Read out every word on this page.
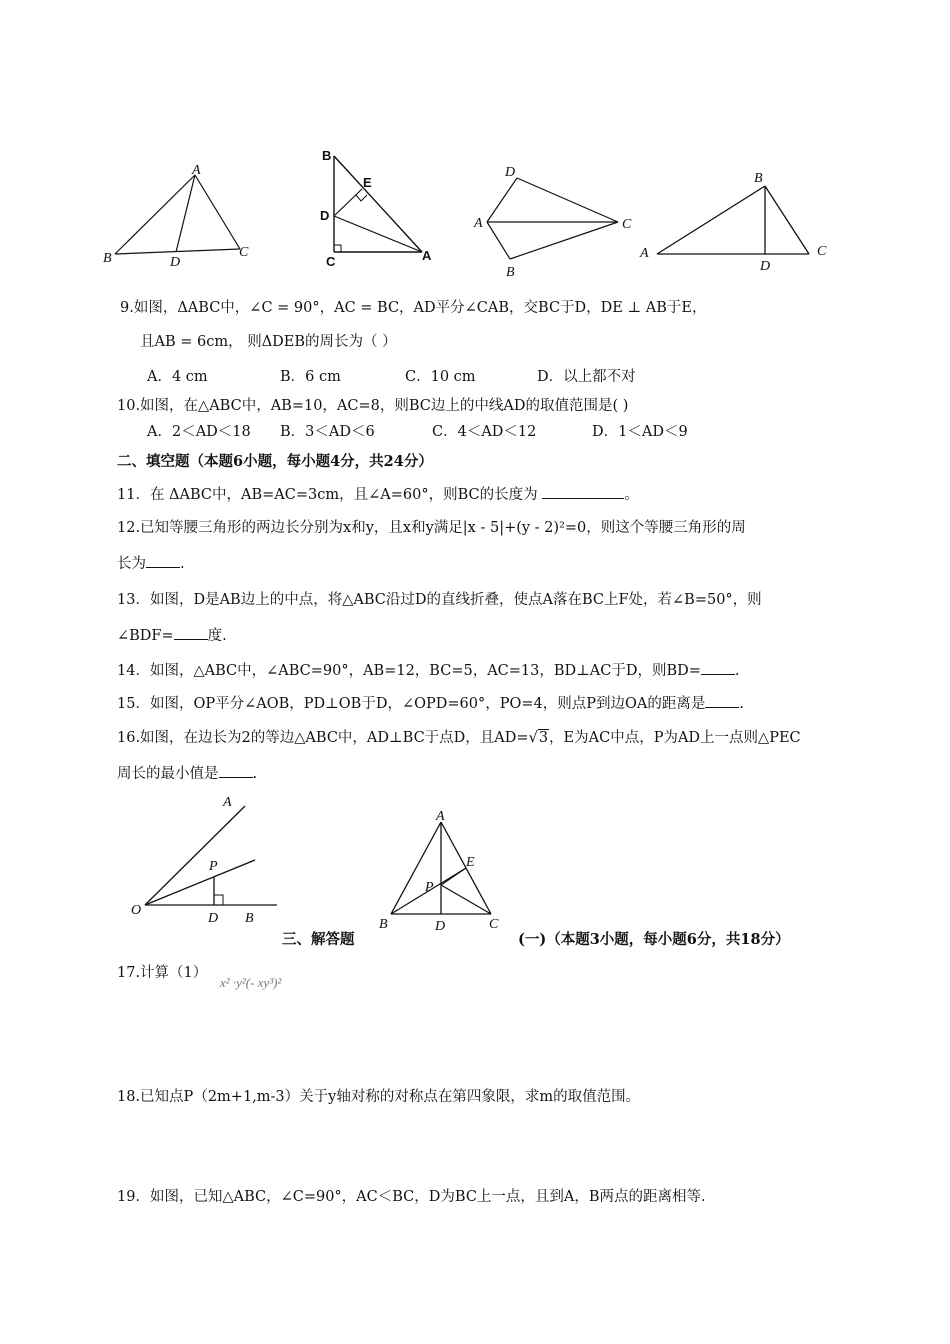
A
B	D
C
B
E
D
C	A
D
A	C
B
B
A
D
C
9.如图，ΔABC中，∠C = 90°，AC = BC，AD平分∠CAB，交BC于D，DE ⊥ AB于E，
且AB = 6cm， 则ΔDEB的周长为（ ）
A．4 cm	B．6 cm	C．10 cm	D．以上都不对
10.如图，在△ABC中，AB=10，AC=8，则BC边上的中线AD的取值范围是( )
A．2＜AD＜18 B．3＜AD＜6	C．4＜AD＜12	D．1＜AD＜9
二、填空题（本题6小题，每小题4分，共24分）
11．在 ΔABC中，AB=AC=3cm，且∠A=60°，则BC的长度为	。
12.已知等腰三角形的两边长分别为x和y，且x和y满足|x - 5|+(y - 2)²=0，则这个等腰三角形的周
长为 .
13．如图，D是AB边上的中点，将△ABC沿过D的直线折叠，使点A落在BC上F处，若∠B=50°，则
∠BDF= 度.
14．如图，△ABC中，∠ABC=90°，AB=12，BC=5，AC=13，BD⊥AC于D，则BD= .
15．如图，OP平分∠AOB，PD⊥OB于D，∠OPD=60°，PO=4，则点P到边OA的距离是 .
16.如图，在边长为2的等边△ABC中，AD⊥BC于点D，且AD=√3，E为AC中点，P为AD上一点则△PEC
周长的最小值是 .
A
P
O
D B
A
E
P
B	D	C
三、解答题	(一)（本题3小题，每小题6分，共18分）
17.计算（1） x² ·y²(- xy³)²
18.已知点P（2m+1,m-3）关于y轴对称的对称点在第四象限，求m的取值范围。
19．如图，已知△ABC，∠C=90°，AC＜BC，D为BC上一点，且到A，B两点的距离相等.
